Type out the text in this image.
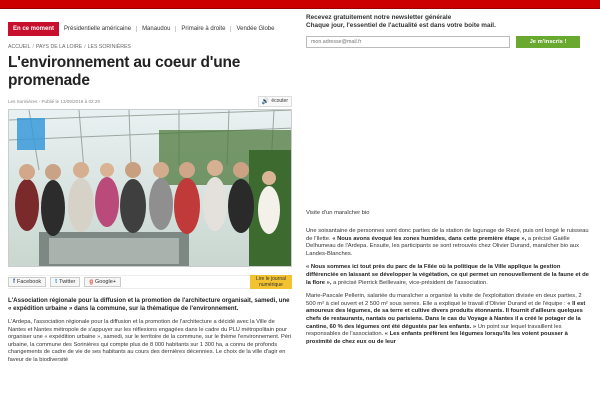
En ce moment	Présidentielle américaine	Manaudou	Primaire à droite	Vendée Globe
ACCUEIL / PAYS DE LA LOIRE / LES SORINIÈRES
L'environnement au coeur d'une promenade
Les Sorinières - Publié le 13/09/2016 à 02:29	🔊 écouter
f Facebook t Twitter g Google+	Lire le journal
numérique

L'Association régionale pour la diffusion et la promotion de l'architecture organisait, samedi, une « expédition urbaine » dans la commune, sur la thématique de l'environnement.

L'Ardepa, l'association régionale pour la diffusion et la promotion de l'architecture a décidé avec la Ville de Nantes et Nantes métropole de s'appuyer sur les réflexions engagées dans le cadre du PLU métropolitain pour organiser une « expédition urbaine », samedi, sur le territoire de la commune, sur le thème l'environnement. Péri urbaine, la commune des Sorinières qui compte plus de 8 000 habitants sur 1 300 ha, a connu de profonds changements de cadre de vie de ses habitants au cours des dernières décennies. Le choix de la ville d'agir en faveur de la biodiversité

Recevez gratuitement notre newsletter générale
Chaque jour, l'essentiel de l'actualité est dans votre boite mail.
mon.adresse@mail.fr
Je m'inscris !
Visite d'un maraîcher bio

Une soixantaine de personnes sont donc parties de la station de lagunage de Rezé, puis ont longé le ruisseau de l'Ilette. « Nous avons évoqué les zones humides, dans cette première étape », a précisé Gaëlle Delhumeau de l'Ardepa. Ensuite, les participants se sont retrouvés chez Olivier Durand, maraîcher bio aux Landes-Blanches.

« Nous sommes ici tout près du parc de la Filée où la politique de la Ville applique la gestion différenciée en laissant se développer la végétation, ce qui permet un renouvellement de la faune et de la flore », a précisé Pierrick Beillevaire, vice-président de l'association.

Marie-Pascale Pellerin, salariée du maraîcher a organisé la visite de l'exploitation divisée en deux parties, 2 500 m² à ciel ouvert et 2 500 m² sous serres. Elle a expliqué le travail d'Olivier Durand et de l'équipe : « Il est amoureux des légumes, de sa terre et cultive divers produits étonnants. Il fournit d'ailleurs quelques chefs de restaurants, nantais ou parisiens. Dans le cas du Voyage à Nantes il a créé le potager de la cantine, 60 % des légumes ont été dégustés par les enfants. » Un point sur lequel travaillent les responsables de l'association. « Les enfants préfèrent les légumes lorsqu'ils les voient pousser à proximité de chez eux ou de leur
